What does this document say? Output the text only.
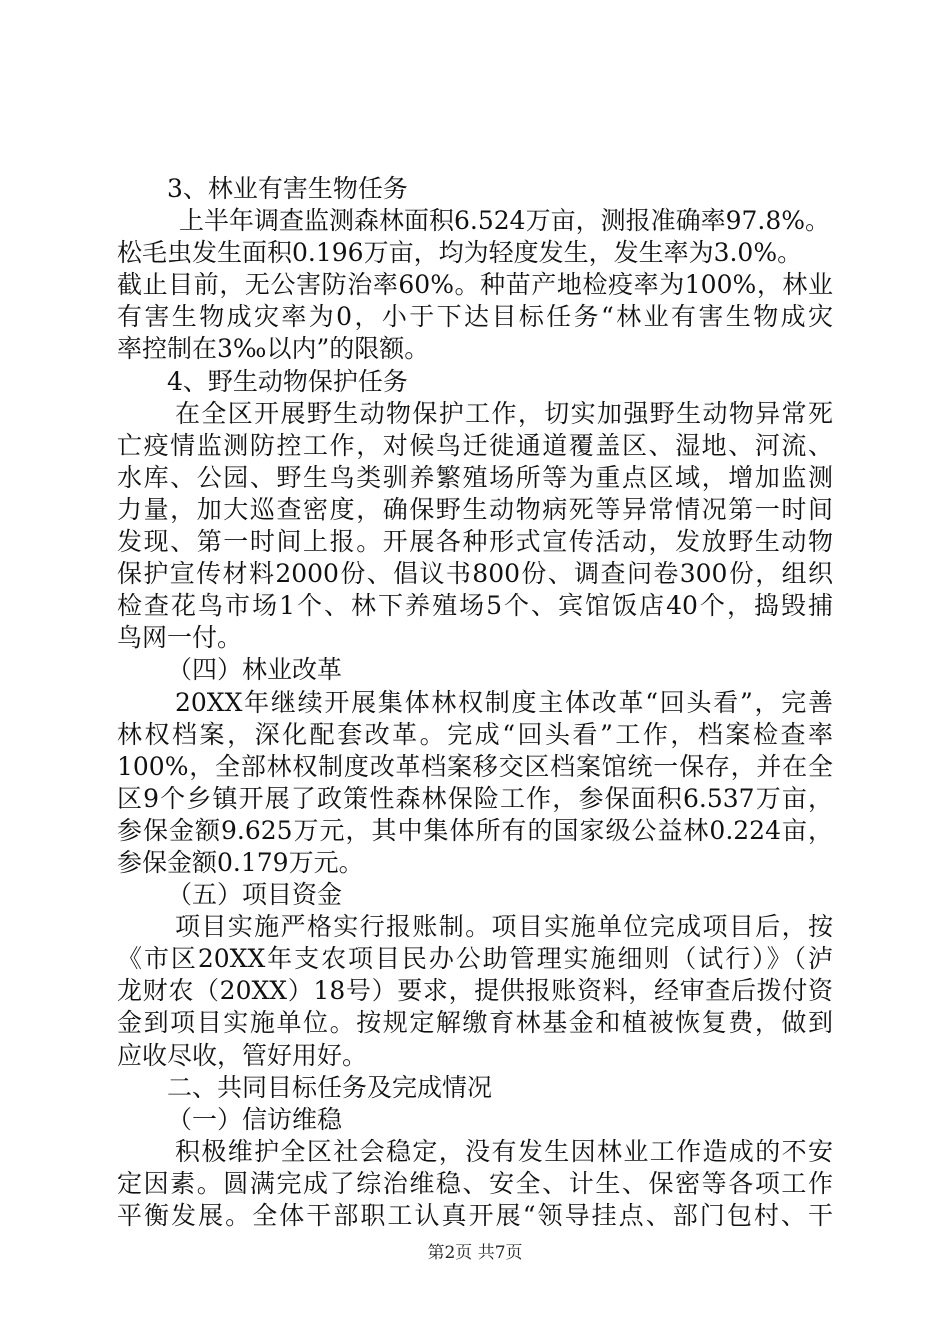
3、林业有害生物任务
上半年调查监测森林面积6.524万亩，测报准确率97.8%。
松毛虫发生面积0.196万亩，均为轻度发生，发生率为3.0%。
截止目前，无公害防治率60%。种苗产地检疫率为100%，林业
有害生物成灾率为0，小于下达目标任务“林业有害生物成灾
率控制在3‰以内”的限额。
4、野生动物保护任务
在全区开展野生动物保护工作，切实加强野生动物异常死
亡疫情监测防控工作，对候鸟迁徙通道覆盖区、湿地、河流、
水库、公园、野生鸟类驯养繁殖场所等为重点区域，增加监测
力量，加大巡查密度，确保野生动物病死等异常情况第一时间
发现、第一时间上报。开展各种形式宣传活动，发放野生动物
保护宣传材料2000份、倡议书800份、调查问卷300份，组织
检查花鸟市场1个、林下养殖场5个、宾馆饭店40个，捣毁捕
鸟网一付。
（四）林业改革
20XX年继续开展集体林权制度主体改革“回头看”，完善
林权档案，深化配套改革。完成“回头看”工作，档案检查率
100%，全部林权制度改革档案移交区档案馆统一保存，并在全
区9个乡镇开展了政策性森林保险工作，参保面积6.537万亩，
参保金额9.625万元，其中集体所有的国家级公益林0.224亩，
参保金额0.179万元。
（五）项目资金
项目实施严格实行报账制。项目实施单位完成项目后，按
《市区20XX年支农项目民办公助管理实施细则（试行）》（泸
龙财农（20XX）18号）要求，提供报账资料，经审查后拨付资
金到项目实施单位。按规定解缴育林基金和植被恢复费，做到
应收尽收，管好用好。
二、共同目标任务及完成情况
（一）信访维稳
积极维护全区社会稳定，没有发生因林业工作造成的不安
定因素。圆满完成了综治维稳、安全、计生、保密等各项工作
平衡发展。全体干部职工认真开展“领导挂点、部门包村、干
第2页 共7页
